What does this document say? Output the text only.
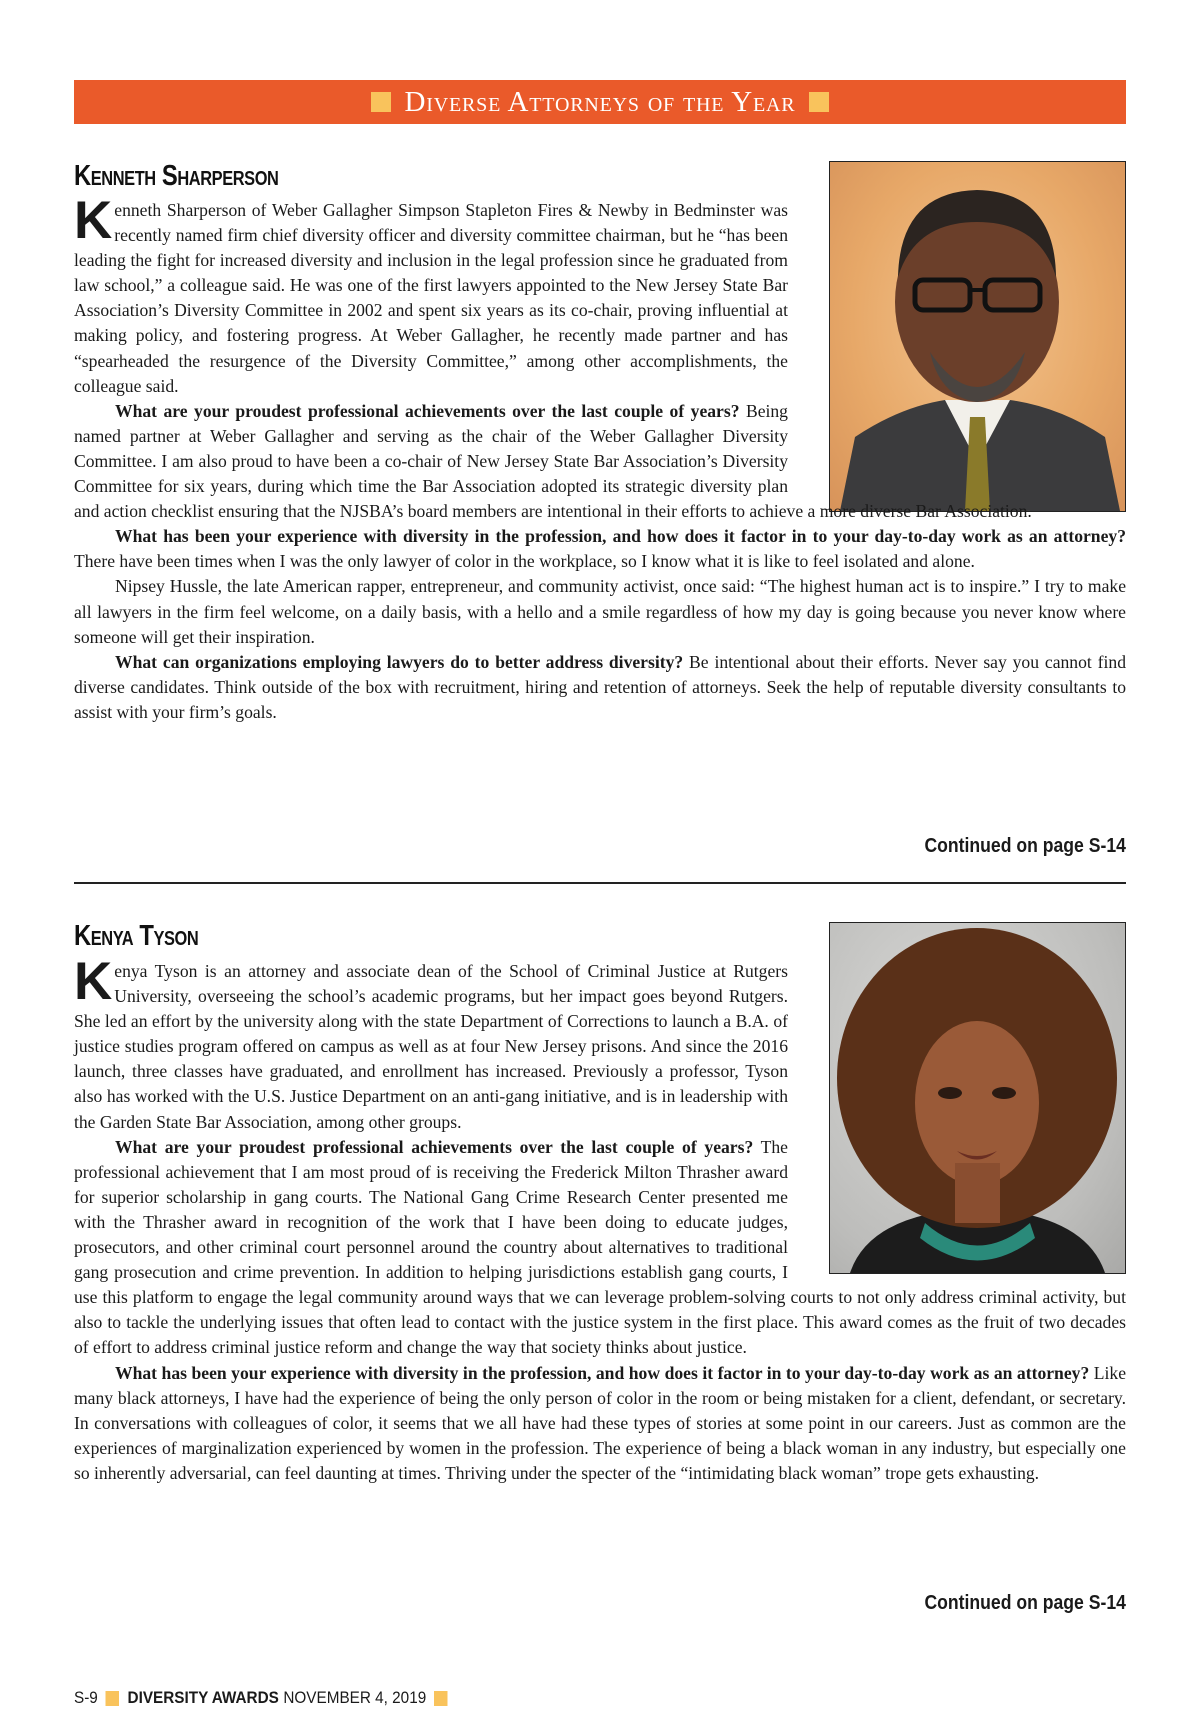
Diverse Attorneys of the Year
Kenneth Sharperson

Kenneth Sharperson of Weber Gallagher Simpson Stapleton Fires & Newby in Bedminster was recently named firm chief diversity officer and diversity committee chairman, but he “has been leading the fight for increased diversity and inclusion in the legal profession since he graduated from law school,” a colleague said. He was one of the first lawyers appointed to the New Jersey State Bar Association’s Diversity Committee in 2002 and spent six years as its co-chair, proving influential at making policy, and fostering progress. At Weber Gallagher, he recently made partner and has “spearheaded the resurgence of the Diversity Committee,” among other accomplishments, the colleague said.

What are your proudest professional achievements over the last couple of years? Being named partner at Weber Gallagher and serving as the chair of the Weber Gallagher Diversity Committee. I am also proud to have been a co-chair of New Jersey State Bar Association’s Diversity Committee for six years, during which time the Bar Association adopted its strategic diversity plan and action checklist ensuring that the NJSBA’s board members are intentional in their efforts to achieve a more diverse Bar Association.

What has been your experience with diversity in the profession, and how does it factor in to your day-to-day work as an attorney? There have been times when I was the only lawyer of color in the workplace, so I know what it is like to feel isolated and alone.

Nipsey Hussle, the late American rapper, entrepreneur, and community activist, once said: “The highest human act is to inspire.” I try to make all lawyers in the firm feel welcome, on a daily basis, with a hello and a smile regardless of how my day is going because you never know where someone will get their inspiration.

What can organizations employing lawyers do to better address diversity? Be intentional about their efforts. Never say you cannot find diverse candidates. Think outside of the box with recruitment, hiring and retention of attorneys. Seek the help of reputable diversity consultants to assist with your firm’s goals.

Continued on page S-14
Kenya Tyson

Kenya Tyson is an attorney and associate dean of the School of Criminal Justice at Rutgers University, overseeing the school’s academic programs, but her impact goes beyond Rutgers. She led an effort by the university along with the state Department of Corrections to launch a B.A. of justice studies program offered on campus as well as at four New Jersey prisons. And since the 2016 launch, three classes have graduated, and enrollment has increased. Previously a professor, Tyson also has worked with the U.S. Justice Department on an anti-gang initiative, and is in leadership with the Garden State Bar Association, among other groups.

What are your proudest professional achievements over the last couple of years? The professional achievement that I am most proud of is receiving the Frederick Milton Thrasher award for superior scholarship in gang courts. The National Gang Crime Research Center presented me with the Thrasher award in recognition of the work that I have been doing to educate judges, prosecutors, and other criminal court personnel around the country about alternatives to traditional gang prosecution and crime prevention. In addition to helping jurisdictions establish gang courts, I use this platform to engage the legal community around ways that we can leverage problem-solving courts to not only address criminal activity, but also to tackle the underlying issues that often lead to contact with the justice system in the first place. This award comes as the fruit of two decades of effort to address criminal justice reform and change the way that society thinks about justice.

What has been your experience with diversity in the profession, and how does it factor in to your day-to-day work as an attorney? Like many black attorneys, I have had the experience of being the only person of color in the room or being mistaken for a client, defendant, or secretary. In conversations with colleagues of color, it seems that we all have had these types of stories at some point in our careers. Just as common are the experiences of marginalization experienced by women in the profession. The experience of being a black woman in any industry, but especially one so inherently adversarial, can feel daunting at times. Thriving under the specter of the “intimidating black woman” trope gets exhausting.

Continued on page S-14
S-9 DIVERSITY AWARDS NOVEMBER 4, 2019
